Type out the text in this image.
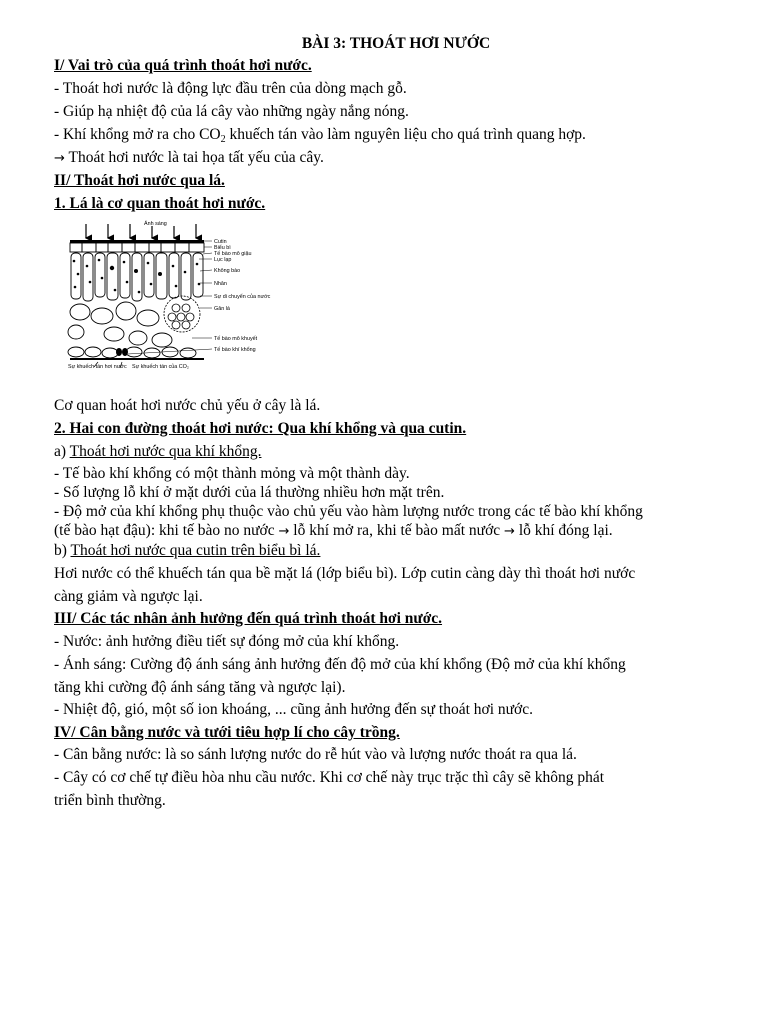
BÀI 3: THOÁT HƠI NƯỚC
I/ Vai trò của quá trình thoát hơi nước.
- Thoát hơi nước là động lực đầu trên của dòng mạch gỗ.
- Giúp hạ nhiệt độ của lá cây vào những ngày nắng nóng.
- Khí khổng mở ra cho $CO_2$ khuếch tán vào làm nguyên liệu cho quá trình quang hợp.
→ Thoát hơi nước là tai họa tất yếu của cây.
II/ Thoát hơi nước qua lá.
1. Lá là cơ quan thoát hơi nước.
Ánh sáng
Cutin
Biểu bì
Tế bào mô giậu
Lục lạp
Không bào
Nhân
Sự di chuyển của nước
Gân lá
Tế bào mô khuyết
Tế bào khí khổng
Sự khuếch tán hơi nước Sự khuếch tán của CO₂
Cơ quan hoát hơi nước chủ yếu ở cây là lá.
2. Hai con đường thoát hơi nước: Qua khí khổng và qua cutin.
a) Thoát hơi nước qua khí khổng.
- Tế bào khí khổng có một thành mỏng và một thành dày.
- Số lượng lỗ khí ở mặt dưới của lá thường nhiều hơn mặt trên.
- Độ mở của khí khổng phụ thuộc vào chủ yếu vào hàm lượng nước trong các tế bào khí khổng
(tế bào hạt đậu): khi tế bào no nước → lỗ khí mở ra, khi tế bào mất nước → lỗ khí đóng lại.
b) Thoát hơi nước qua cutin trên biểu bì lá.
Hơi nước có thể khuếch tán qua bề mặt lá (lớp biểu bì). Lớp cutin càng dày thì thoát hơi nước
càng giảm và ngược lại.
III/ Các tác nhân ảnh hưởng đến quá trình thoát hơi nước.
- Nước: ảnh hưởng điều tiết sự đóng mở của khí khổng.
- Ánh sáng: Cường độ ánh sáng ảnh hưởng đến độ mở của khí khổng (Độ mở của khí khổng
tăng khi cường độ ánh sáng tăng và ngược lại).
- Nhiệt độ, gió, một số ion khoáng, ... cũng ảnh hưởng đến sự thoát hơi nước.
IV/ Cân bằng nước và tưới tiêu hợp lí cho cây trồng.
- Cân bằng nước: là so sánh lượng nước do rễ hút vào và lượng nước thoát ra qua lá.
- Cây có cơ chế tự điều hòa nhu cầu nước. Khi cơ chế này trục trặc thì cây sẽ không phát
triển bình thường.
